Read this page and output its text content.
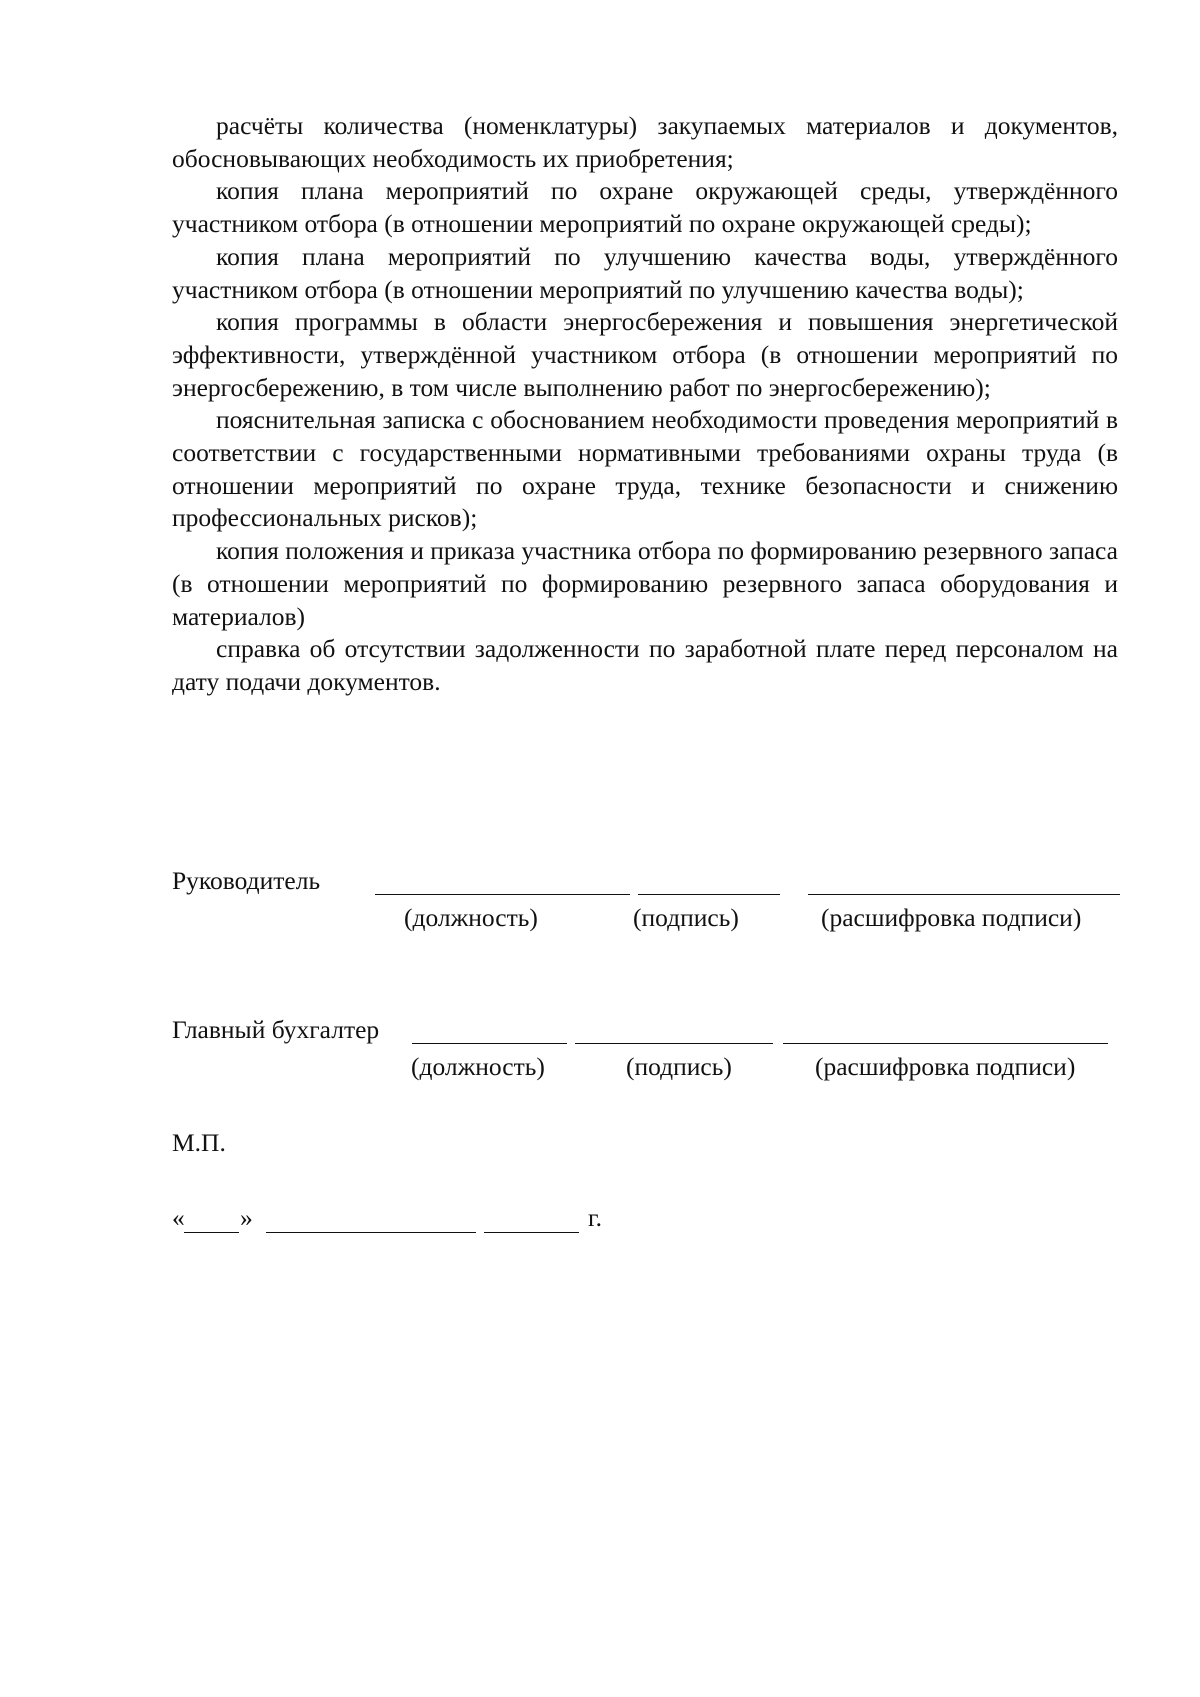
расчёты количества (номенклатуры) закупаемых материалов и документов, обосновывающих необходимость их приобретения;

копия плана мероприятий по охране окружающей среды, утверждённого участником отбора (в отношении мероприятий по охране окружающей среды);

копия плана мероприятий по улучшению качества воды, утверждённого участником отбора (в отношении мероприятий по улучшению качества воды);

копия программы в области энергосбережения и повышения энергетической эффективности, утверждённой участником отбора (в отношении мероприятий по энергосбережению, в том числе выполнению работ по энергосбережению);

пояснительная записка с обоснованием необходимости проведения мероприятий в соответствии с государственными нормативными требованиями охраны труда (в отношении мероприятий по охране труда, технике безопасности и снижению профессиональных рисков);

копия положения и приказа участника отбора по формированию резервного запаса (в отношении мероприятий по формированию резервного запаса оборудования и материалов)

справка об отсутствии задолженности по заработной плате перед персоналом на дату подачи документов.

Руководитель
(должность)	(подпись)	(расшифровка подписи)
Главный бухгалтер
(должность)	(подпись)	(расшифровка подписи)
М.П.
« »	г.
